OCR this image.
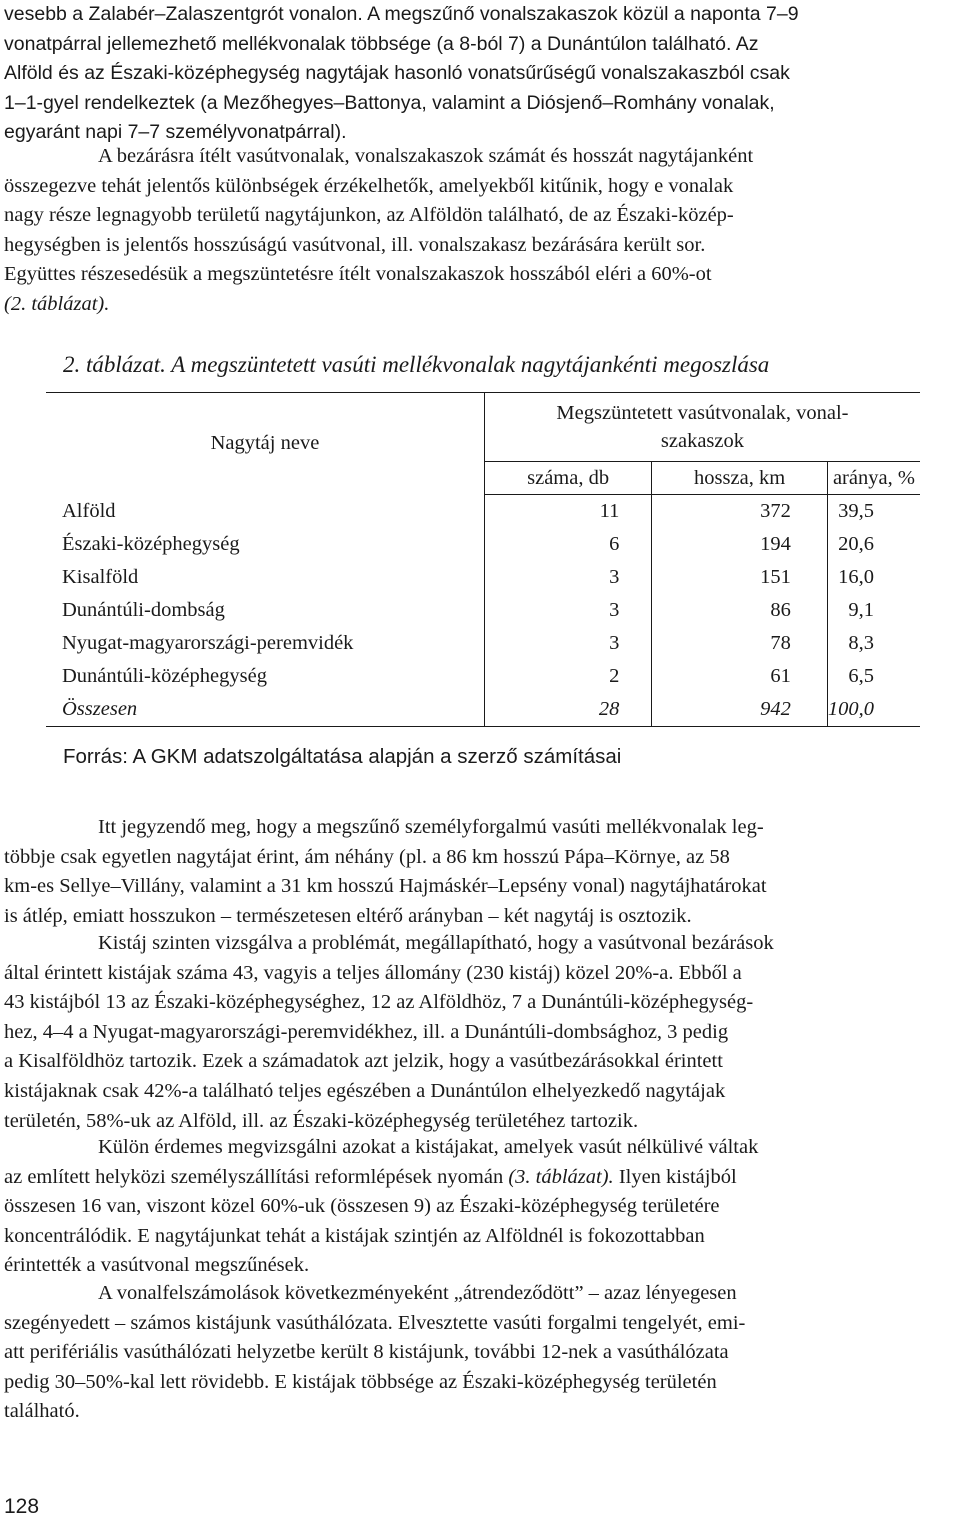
vesebb a Zalabér–Zalaszentgrót vonalon. A megszűnő vonalszakaszok közül a naponta 7–9
vonatpárral jellemezhető mellékvonalak többsége (a 8-ból 7) a Dunántúlon található. Az
Alföld és az Északi-középhegység nagytájak hasonló vonatsűrűségű vonalszakaszból csak
1–1-gyel rendelkeztek (a Mezőhegyes–Battonya, valamint a Diósjenő–Romhány vonalak,
egyaránt napi 7–7 személyvonatpárral).

A bezárásra ítélt vasútvonalak, vonalszakaszok számát és hosszát nagytájanként
összegezve tehát jelentős különbségek érzékelhetők, amelyekből kitűnik, hogy e vonalak
nagy része legnagyobb területű nagytájunkon, az Alföldön található, de az Északi-közép-
hegységben is jelentős hosszúságú vasútvonal, ill. vonalszakasz bezárására került sor.
Együttes részesedésük a megszüntetésre ítélt vonalszakaszok hosszából eléri a 60%-ot
(2. táblázat).

2. táblázat. A megszüntetett vasúti mellékvonalak nagytájankénti megoszlása

Nagytáj neve	Megszüntetett vasútvonalak, vonal-
szakaszok		
	száma, db	hossza, km	aránya, %
Alföld	11	372	39,5
Északi-középhegység	6	194	20,6
Kisalföld	3	151	16,0
Dunántúli-dombság	3	86	9,1
Nyugat-magyarországi-peremvidék	3	78	8,3
Dunántúli-középhegység	2	61	6,5
Összesen	28	942	100,0

Forrás: A GKM adatszolgáltatása alapján a szerző számításai

Itt jegyzendő meg, hogy a megszűnő személyforgalmú vasúti mellékvonalak leg-
többje csak egyetlen nagytájat érint, ám néhány (pl. a 86 km hosszú Pápa–Környe, az 58
km-es Sellye–Villány, valamint a 31 km hosszú Hajmáskér–Lepsény vonal) nagytájhatárokat
is átlép, emiatt hosszukon – természetesen eltérő arányban – két nagytáj is osztozik.

Kistáj szinten vizsgálva a problémát, megállapítható, hogy a vasútvonal bezárások
által érintett kistájak száma 43, vagyis a teljes állomány (230 kistáj) közel 20%-a. Ebből a
43 kistájból 13 az Északi-középhegységhez, 12 az Alföldhöz, 7 a Dunántúli-középhegység-
hez, 4–4 a Nyugat-magyarországi-peremvidékhez, ill. a Dunántúli-dombsághoz, 3 pedig
a Kisalföldhöz tartozik. Ezek a számadatok azt jelzik, hogy a vasútbezárásokkal érintett
kistájaknak csak 42%-a található teljes egészében a Dunántúlon elhelyezkedő nagytájak
területén, 58%-uk az Alföld, ill. az Északi-középhegység területéhez tartozik.

Külön érdemes megvizsgálni azokat a kistájakat, amelyek vasút nélkülivé váltak
az említett helyközi személyszállítási reformlépések nyomán (3. táblázat). Ilyen kistájból
összesen 16 van, viszont közel 60%-uk (összesen 9) az Északi-középhegység területére
koncentrálódik. E nagytájunkat tehát a kistájak szintjén az Alföldnél is fokozottabban
érintették a vasútvonal megszűnések.

A vonalfelszámolások következményeként „átrendeződött” – azaz lényegesen
szegényedett – számos kistájunk vasúthálózata. Elvesztette vasúti forgalmi tengelyét, emi-
att perifériális vasúthálózati helyzetbe került 8 kistájunk, további 12-nek a vasúthálózata
pedig 30–50%-kal lett rövidebb. E kistájak többsége az Északi-középhegység területén
található.

128
